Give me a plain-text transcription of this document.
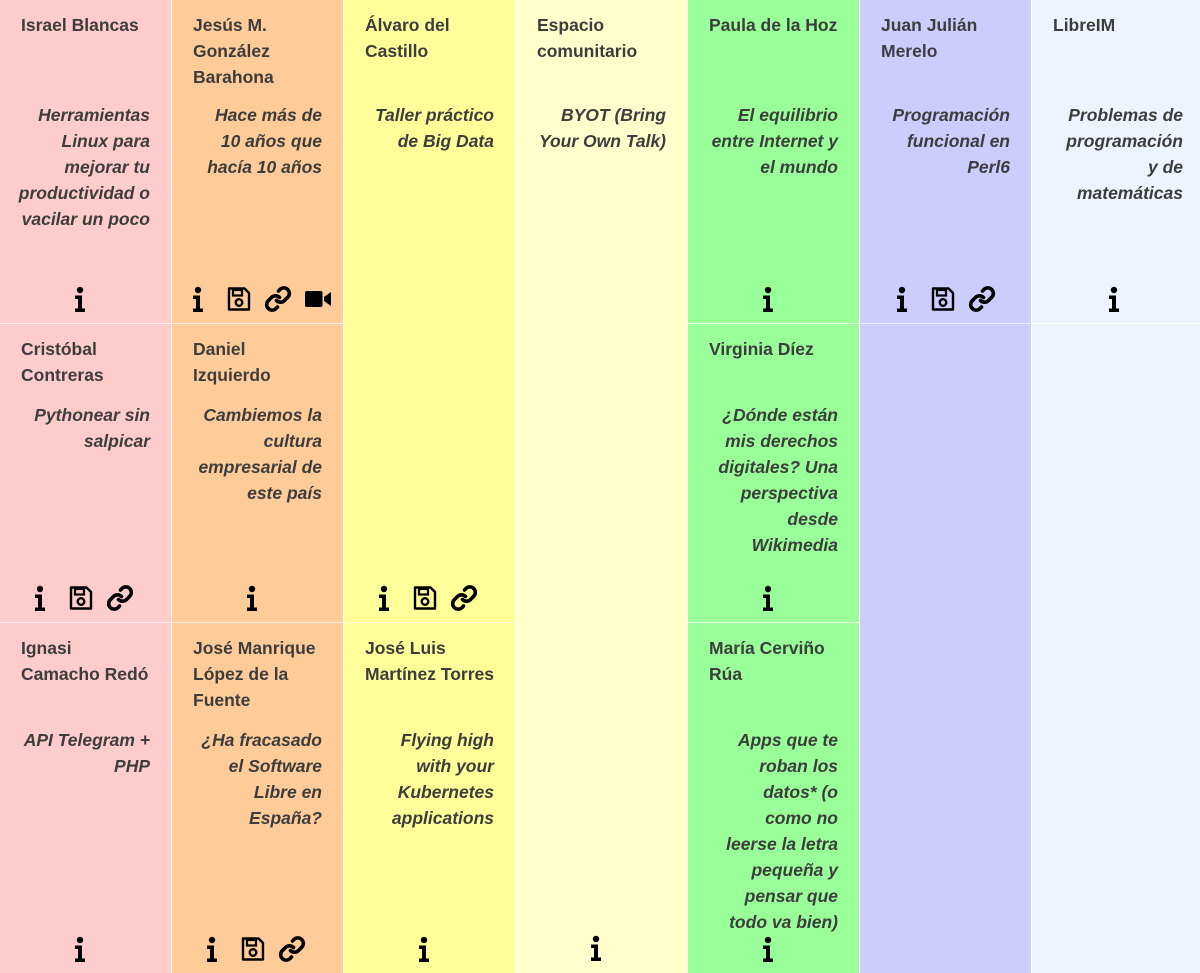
Israel Blancas
Herramientas Linux para mejorar tu productividad o vacilar un poco
Cristóbal Contreras
Pythonear sin salpicar
Ignasi Camacho Redó
API Telegram + PHP
Jesús M. González Barahona
Hace más de 10 años que hacía 10 años
Daniel Izquierdo
Cambiemos la cultura empresarial de este país
José Manrique López de la Fuente
¿Ha fracasado el Software Libre en España?
Álvaro del Castillo
Taller práctico de Big Data
José Luis Martínez Torres
Flying high with your Kubernetes applications
Espacio comunitario
BYOT (Bring Your Own Talk)
Paula de la Hoz
El equilibrio entre Internet y el mundo
Virginia Díez
¿Dónde están mis derechos digitales? Una perspectiva desde Wikimedia
María Cerviño Rúa
Apps que te roban los datos* (o como no leerse la letra pequeña y pensar que todo va bien)
Juan Julián Merelo
Programación funcional en Perl6
LibreIM
Problemas de programación y de matemáticas
